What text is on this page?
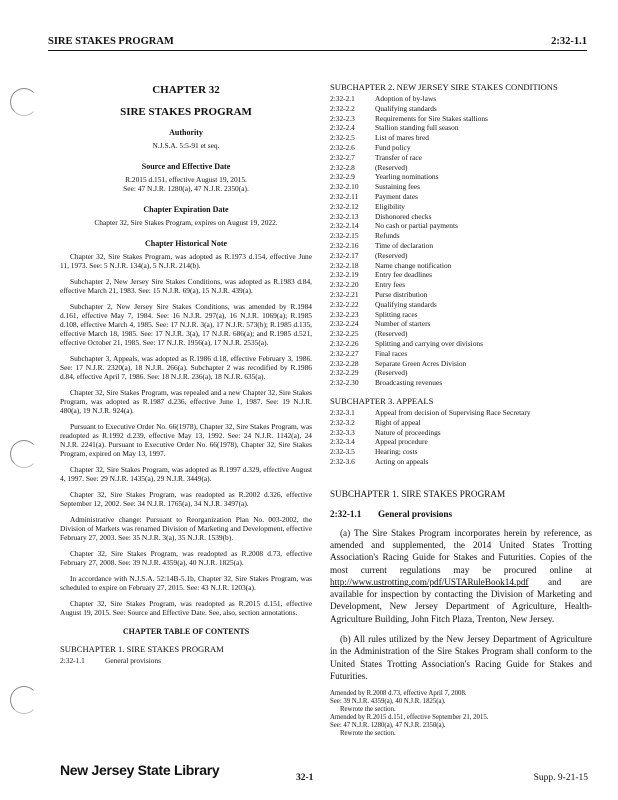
SIRE STAKES PROGRAM	2:32-1.1
CHAPTER 32
SIRE STAKES PROGRAM
Authority
N.J.S.A. 5:5-91 et seq.
Source and Effective Date
R.2015 d.151, effective August 19, 2015.
See: 47 N.J.R. 1280(a), 47 N.J.R. 2350(a).
Chapter Expiration Date
Chapter 32, Sire Stakes Program, expires on August 19, 2022.
Chapter Historical Note

Chapter 32, Sire Stakes Program, was adopted as R.1973 d.154, effective June 11, 1973. See: 5 N.J.R. 134(a), 5 N.J.R. 214(b).

Subchapter 2, New Jersey Sire Stakes Conditions, was adopted as R.1983 d.84, effective March 21, 1983. See: 15 N.J.R. 69(a), 15 N.J.R. 439(a).

Subchapter 2, New Jersey Sire Stakes Conditions, was amended by R.1984 d.161, effective May 7, 1984. See: 16 N.J.R. 297(a), 16 N.J.R. 1069(a); R.1985 d.108, effective March 4, 1985. See: 17 N.J.R. 3(a), 17 N.J.R. 573(b); R.1985 d.135, effective March 18, 1985. See: 17 N.J.R. 3(a), 17 N.J.R. 686(a); and R.1985 d.521, effective October 21, 1985. See: 17 N.J.R. 1956(a), 17 N.J.R. 2535(a).

Subchapter 3, Appeals, was adopted as R.1986 d.18, effective February 3, 1986. See: 17 N.J.R. 2320(a), 18 N.J.R. 266(a). Subchapter 2 was recodified by R.1986 d.84, effective April 7, 1986. See: 18 N.J.R. 236(a), 18 N.J.R. 635(a).

Chapter 32, Sire Stakes Program, was repealed and a new Chapter 32, Sire Stakes Program, was adopted as R.1987 d.236, effective June 1, 1987. See: 19 N.J.R. 480(a), 19 N.J.R. 924(a).

Pursuant to Executive Order No. 66(1978), Chapter 32, Sire Stakes Program, was readopted as R.1992 d.239, effective May 13, 1992. See: 24 N.J.R. 1142(a), 24 N.J.R. 2241(a). Pursuant to Executive Order No. 66(1978), Chapter 32, Sire Stakes Program, expired on May 13, 1997.

Chapter 32, Sire Stakes Program, was adopted as R.1997 d.329, effective August 4, 1997. See: 29 N.J.R. 1435(a), 29 N.J.R. 3449(a).

Chapter 32, Sire Stakes Program, was readopted as R.2002 d.326, effective September 12, 2002. See: 34 N.J.R. 1765(a), 34 N.J.R. 3497(a).

Administrative change: Pursuant to Reorganization Plan No. 003-2002, the Division of Markets was renamed Division of Marketing and Development, effective February 27, 2003. See: 35 N.J.R. 3(a), 35 N.J.R. 1539(b).

Chapter 32, Sire Stakes Program, was readopted as R.2008 d.73, effective February 27, 2008. See: 39 N.J.R. 4359(a), 40 N.J.R. 1825(a).

In accordance with N.J.S.A. 52:14B-5.1b, Chapter 32, Sire Stakes Program, was scheduled to expire on February 27, 2015. See: 43 N.J.R. 1203(a).

Chapter 32, Sire Stakes Program, was readopted as R.2015 d.151, effective August 19, 2015. See: Source and Effective Date. See, also, section annotations.

CHAPTER TABLE OF CONTENTS
SUBCHAPTER 1. SIRE STAKES PROGRAM
2:32-1.1	General provisions
New Jersey State Library
SUBCHAPTER 2. NEW JERSEY SIRE STAKES CONDITIONS
2:32-2.1	Adoption of by-laws
2:32-2.2	Qualifying standards
2:32-2.3	Requirements for Sire Stakes stallions
2:32-2.4	Stallion standing full season
2:32-2.5	List of mares bred
2:32-2.6	Fund policy
2:32-2.7	Transfer of race
2:32-2.8	(Reserved)
2:32-2.9	Yearling nominations
2:32-2.10	Sustaining fees
2:32-2.11	Payment dates
2:32-2.12	Eligibility
2:32-2.13	Dishonored checks
2:32-2.14	No cash or partial payments
2:32-2.15	Refunds
2:32-2.16	Time of declaration
2:32-2.17	(Reserved)
2:32-2.18	Name change notification
2:32-2.19	Entry fee deadlines
2:32-2.20	Entry fees
2:32-2.21	Purse distribution
2:32-2.22	Qualifying standards
2:32-2.23	Splitting races
2:32-2.24	Number of starters
2:32-2.25	(Reserved)
2:32-2.26	Splitting and carrying over divisions
2:32-2.27	Final races
2:32-2.28	Separate Green Acres Division
2:32-2.29	(Reserved)
2:32-2.30	Broadcasting revenues
SUBCHAPTER 3. APPEALS
2:32-3.1	Appeal from decision of Supervising Race Secretary
2:32-3.2	Right of appeal
2:32-3.3	Nature of proceedings
2:32-3.4	Appeal procedure
2:32-3.5	Hearing; costs
2:32-3.6	Acting on appeals
SUBCHAPTER 1. SIRE STAKES PROGRAM
2:32-1.1 General provisions

(a) The Sire Stakes Program incorporates herein by reference, as amended and supplemented, the 2014 United States Trotting Association's Racing Guide for Stakes and Futurities. Copies of the most current regulations may be procured online at http://www.ustrotting.com/pdf/USTARuleBook14.pdf and are available for inspection by contacting the Division of Marketing and Development, New Jersey Department of Agriculture, Health-Agriculture Building, John Fitch Plaza, Trenton, New Jersey.

(b) All rules utilized by the New Jersey Department of Agriculture in the Administration of the Sire Stakes Program shall conform to the United States Trotting Association's Racing Guide for Stakes and Futurities.

Amended by R.2008 d.73, effective April 7, 2008.
See: 39 N.J.R. 4359(a), 40 N.J.R. 1825(a).
Rewrote the section.
Amended by R.2015 d.151, effective September 21, 2015.
See: 47 N.J.R. 1280(a), 47 N.J.R. 2350(a).
Rewrote the section.
32-1	Supp. 9-21-15
